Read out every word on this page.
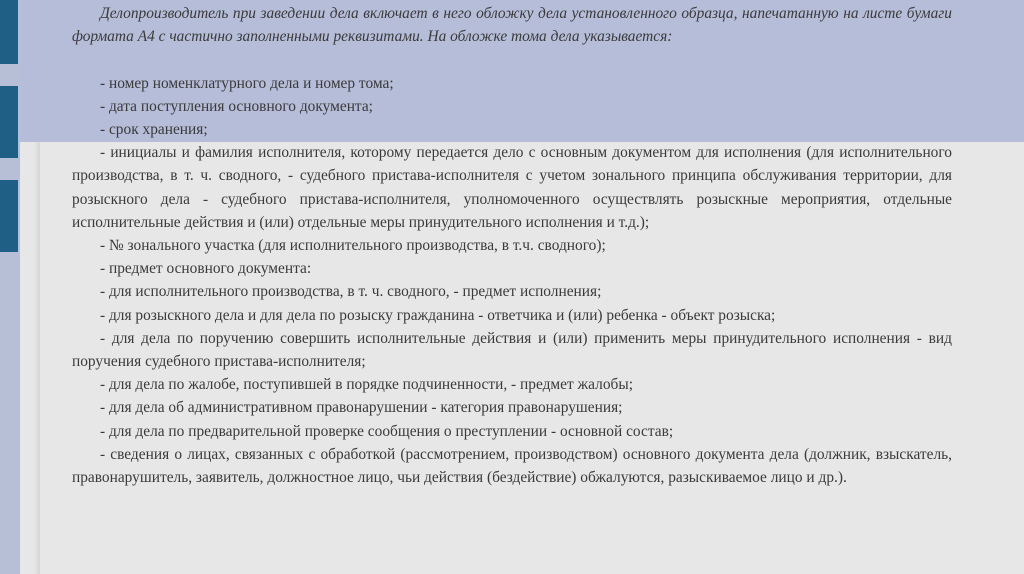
Делопроизводитель при заведении дела включает в него обложку дела установленного образца, напечатанную на листе бумаги формата А4 с частично заполненными реквизитами. На обложке тома дела указывается:

- номер номенклатурного дела и номер тома;

- дата поступления основного документа;

- срок хранения;

- инициалы и фамилия исполнителя, которому передается дело с основным документом для исполнения (для исполнительного производства, в т. ч. сводного, - судебного пристава-исполнителя с учетом зонального принципа обслуживания территории, для розыскного дела - судебного пристава-исполнителя, уполномоченного осуществлять розыскные мероприятия, отдельные исполнительные действия и (или) отдельные меры принудительного исполнения и т.д.);

- № зонального участка (для исполнительного производства, в т.ч. сводного);

- предмет основного документа:

- для исполнительного производства, в т. ч. сводного, - предмет исполнения;

- для розыскного дела и для дела по розыску гражданина - ответчика и (или) ребенка - объект розыска;

- для дела по поручению совершить исполнительные действия и (или) применить меры принудительного исполнения - вид поручения судебного пристава-исполнителя;

- для дела по жалобе, поступившей в порядке подчиненности, - предмет жалобы;

- для дела об административном правонарушении - категория правонарушения;

- для дела по предварительной проверке сообщения о преступлении - основной состав;

- сведения о лицах, связанных с обработкой (рассмотрением, производством) основного документа дела (должник, взыскатель, правонарушитель, заявитель, должностное лицо, чьи действия (бездействие) обжалуются, разыскиваемое лицо и др.).
